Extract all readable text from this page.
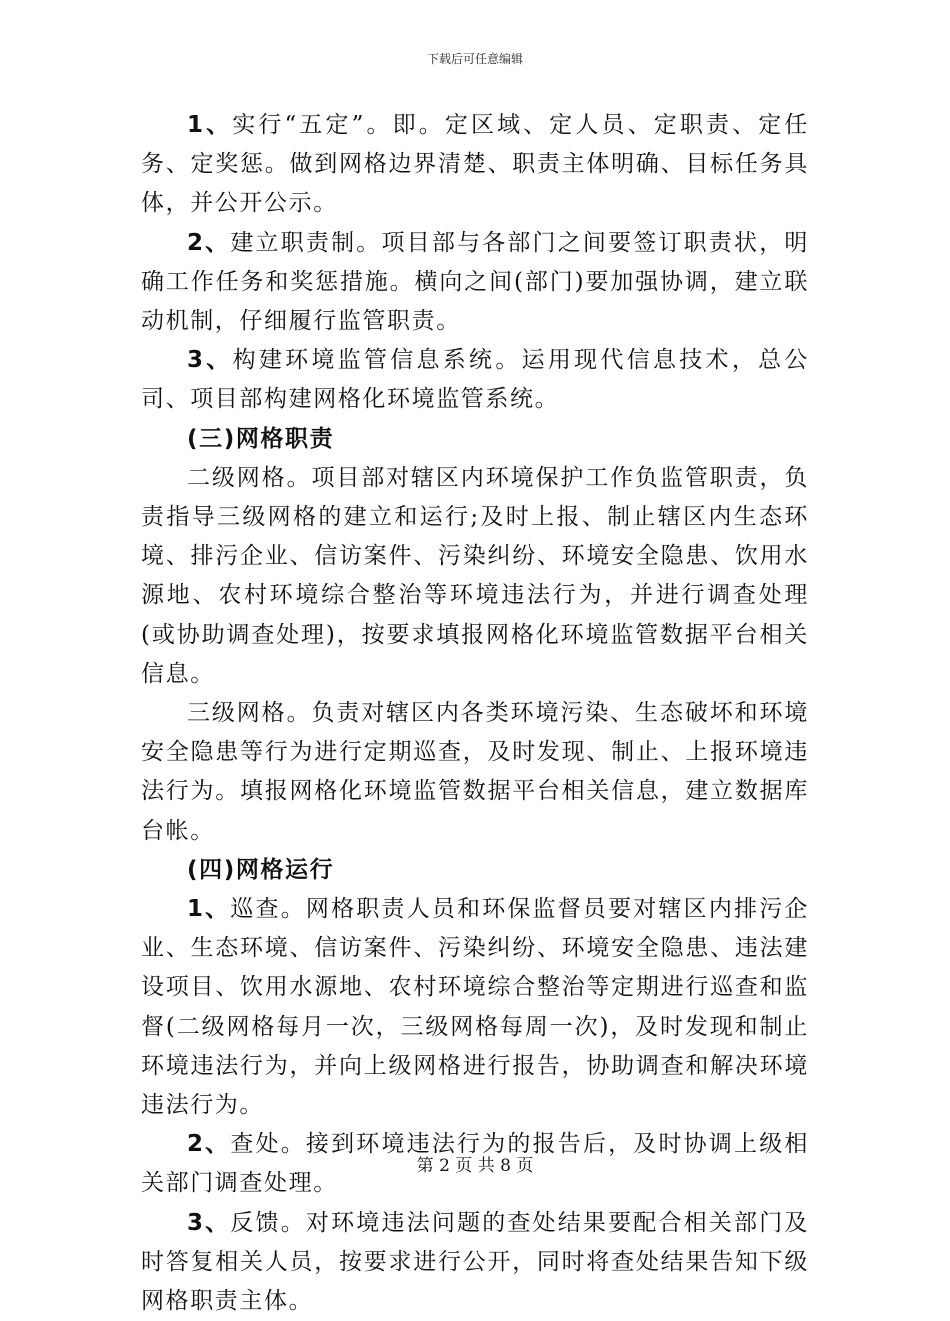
下载后可任意编辑

1、实行“五定”。即。定区域、定人员、定职责、定任务、定奖惩。做到网格边界清楚、职责主体明确、目标任务具体，并公开公示。

2、建立职责制。项目部与各部门之间要签订职责状，明确工作任务和奖惩措施。横向之间(部门)要加强协调，建立联动机制，仔细履行监管职责。

3、构建环境监管信息系统。运用现代信息技术，总公司、项目部构建网格化环境监管系统。

(三)网格职责

二级网格。项目部对辖区内环境保护工作负监管职责，负责指导三级网格的建立和运行;及时上报、制止辖区内生态环境、排污企业、信访案件、污染纠纷、环境安全隐患、饮用水源地、农村环境综合整治等环境违法行为，并进行调查处理(或协助调查处理)，按要求填报网格化环境监管数据平台相关信息。

三级网格。负责对辖区内各类环境污染、生态破坏和环境安全隐患等行为进行定期巡查，及时发现、制止、上报环境违法行为。填报网格化环境监管数据平台相关信息，建立数据库台帐。

(四)网格运行

1、巡查。网格职责人员和环保监督员要对辖区内排污企业、生态环境、信访案件、污染纠纷、环境安全隐患、违法建设项目、饮用水源地、农村环境综合整治等定期进行巡查和监督(二级网格每月一次，三级网格每周一次)，及时发现和制止环境违法行为，并向上级网格进行报告，协助调查和解决环境违法行为。

2、查处。接到环境违法行为的报告后，及时协调上级相关部门调查处理。

3、反馈。对环境违法问题的查处结果要配合相关部门及时答复相关人员，按要求进行公开，同时将查处结果告知下级网格职责主体。

第 2 页 共 8 页
